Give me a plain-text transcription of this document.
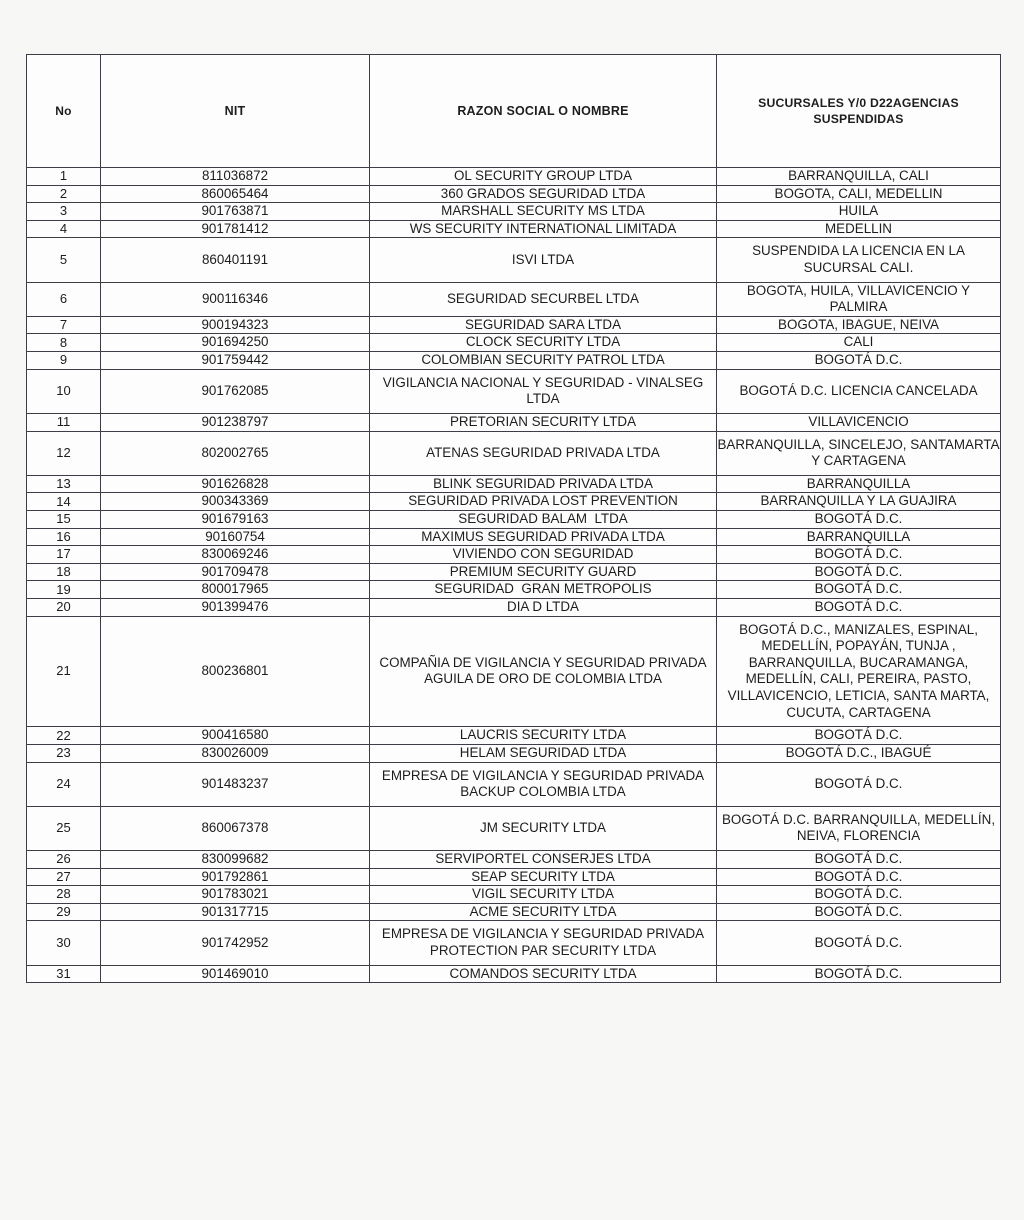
No	NIT	RAZON SOCIAL O NOMBRE	SUCURSALES Y/0 D22AGENCIAS SUSPENDIDAS
1	811036872	OL SECURITY GROUP LTDA	BARRANQUILLA, CALI
2	860065464	360 GRADOS SEGURIDAD LTDA	BOGOTA, CALI, MEDELLIN
3	901763871	MARSHALL SECURITY MS LTDA	HUILA
4	901781412	WS SECURITY INTERNATIONAL LIMITADA	MEDELLIN
5	860401191	ISVI LTDA	SUSPENDIDA LA LICENCIA EN LA SUCURSAL CALI.
6	900116346	SEGURIDAD SECURBEL LTDA	BOGOTA, HUILA, VILLAVICENCIO Y PALMIRA
7	900194323	SEGURIDAD SARA LTDA	BOGOTA, IBAGUE, NEIVA
8	901694250	CLOCK SECURITY LTDA	CALI
9	901759442	COLOMBIAN SECURITY PATROL LTDA	BOGOTÁ D.C.
10	901762085	VIGILANCIA NACIONAL Y SEGURIDAD - VINALSEG LTDA	BOGOTÁ D.C. LICENCIA CANCELADA
11	901238797	PRETORIAN SECURITY LTDA	VILLAVICENCIO
12	802002765	ATENAS SEGURIDAD PRIVADA LTDA	BARRANQUILLA, SINCELEJO, SANTAMARTA Y CARTAGENA
13	901626828	BLINK SEGURIDAD PRIVADA LTDA	BARRANQUILLA
14	900343369	SEGURIDAD PRIVADA LOST PREVENTION	BARRANQUILLA Y LA GUAJIRA
15	901679163	SEGURIDAD BALAM  LTDA	BOGOTÁ D.C.
16	90160754	MAXIMUS SEGURIDAD PRIVADA LTDA	BARRANQUILLA
17	830069246	VIVIENDO CON SEGURIDAD	BOGOTÁ D.C.
18	901709478	PREMIUM SECURITY GUARD	BOGOTÁ D.C.
19	800017965	SEGURIDAD  GRAN METROPOLIS	BOGOTÁ D.C.
20	901399476	DIA D LTDA	BOGOTÁ D.C.
21	800236801	COMPAÑIA DE VIGILANCIA Y SEGURIDAD PRIVADA AGUILA DE ORO DE COLOMBIA LTDA	BOGOTÁ D.C., MANIZALES, ESPINAL, MEDELLÍN, POPAYÁN, TUNJA , BARRANQUILLA, BUCARAMANGA, MEDELLÍN, CALI, PEREIRA, PASTO, VILLAVICENCIO, LETICIA, SANTA MARTA, CUCUTA, CARTAGENA
22	900416580	LAUCRIS SECURITY LTDA	BOGOTÁ D.C.
23	830026009	HELAM SEGURIDAD LTDA	BOGOTÁ D.C., IBAGUÉ
24	901483237	EMPRESA DE VIGILANCIA Y SEGURIDAD PRIVADA BACKUP COLOMBIA LTDA	BOGOTÁ D.C.
25	860067378	JM SECURITY LTDA	BOGOTÁ D.C. BARRANQUILLA, MEDELLÍN, NEIVA, FLORENCIA
26	830099682	SERVIPORTEL CONSERJES LTDA	BOGOTÁ D.C.
27	901792861	SEAP SECURITY LTDA	BOGOTÁ D.C.
28	901783021	VIGIL SECURITY LTDA	BOGOTÁ D.C.
29	901317715	ACME SECURITY LTDA	BOGOTÁ D.C.
30	901742952	EMPRESA DE VIGILANCIA Y SEGURIDAD PRIVADA PROTECTION PAR SECURITY LTDA	BOGOTÁ D.C.
31	901469010	COMANDOS SECURITY LTDA	BOGOTÁ D.C.
